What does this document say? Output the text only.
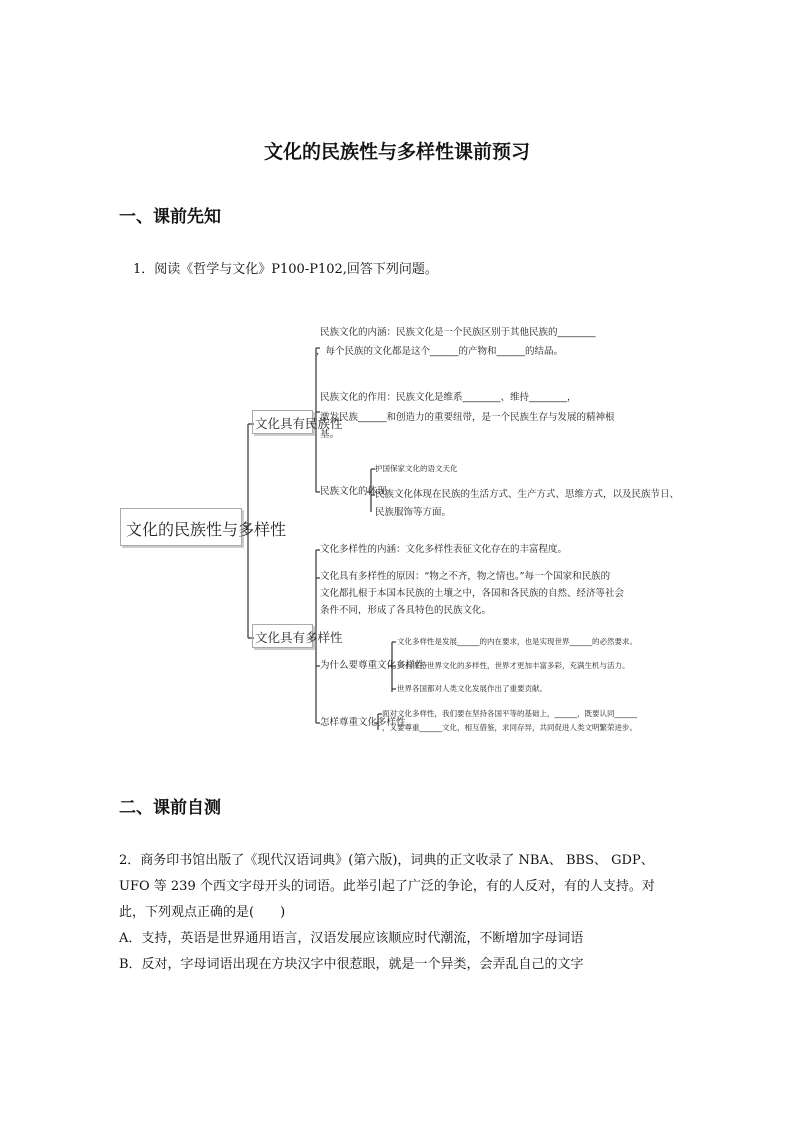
文化的民族性与多样性课前预习
一、课前先知
1．阅读《哲学与文化》P100-P102,回答下列问题。
文化的民族性与多样性
文化具有民族性
文化具有多样性
民族文化的内涵：民族文化是一个民族区别于其他民族的________
，每个民族的文化都是这个______的产物和______的结晶。
民族文化的作用：民族文化是维系________、维持________，
激发民族______和创造力的重要纽带，是一个民族生存与发展的精神根
基。
民族文化的体现
护国保家文化的语文天化
民族文化体现在民族的生活方式、生产方式、思维方式，以及民族节日、
民族服饰等方面。
文化多样性的内涵：文化多样性表征文化存在的丰富程度。
文化具有多样性的原因：“物之不齐，物之情也。”每一个国家和民族的
文化都扎根于本国本民族的土壤之中，各国和各民族的自然、经济等社会
条件不同，形成了各具特色的民族文化。
为什么要尊重文化多样性
文化多样性是发展______的内在要求，也是实现世界______的必然要求。
只有保持世界文化的多样性，世界才更加丰富多彩，充满生机与活力。
世界各国都对人类文化发展作出了重要贡献。
怎样尊重文化多样性
面对文化多样性，我们要在坚持各国平等的基础上，______，既要认同______
，又要尊重______文化，相互借鉴，求同存异，共同促进人类文明繁荣进步。
二、课前自测
2．商务印书馆出版了《现代汉语词典》(第六版)，词典的正文收录了 NBA、 BBS、 GDP、
UFO 等 239 个西文字母开头的词语。此举引起了广泛的争论，有的人反对，有的人支持。对
此，下列观点正确的是(　　)
A．支持，英语是世界通用语言，汉语发展应该顺应时代潮流，不断增加字母词语
B．反对，字母词语出现在方块汉字中很惹眼，就是一个异类，会弄乱自己的文字
